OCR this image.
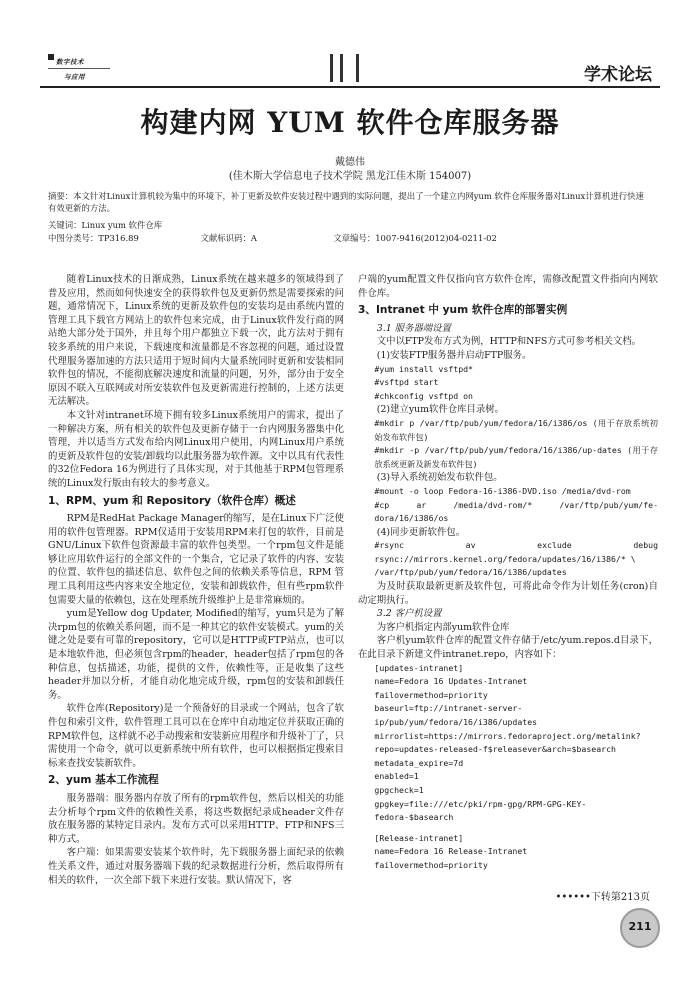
数字技术
与应用	学术论坛
构建内网 YUM 软件仓库服务器
戴德伟
(佳木斯大学信息电子技术学院 黑龙江佳木斯 154007)
摘要：本文针对Linux计算机较为集中的环境下，补丁更新及软件安装过程中遇到的实际问题，提出了一个建立内网yum 软件仓库服务器对Linux计算机进行快速有效更新的方法。
关键词：Linux yum 软件仓库
中图分类号：TP316.89	文献标识码：A	文章编号：1007-9416(2012)04-0211-02

随着Linux技术的日渐成熟，Linux系统在越来越多的领域得到了普及应用，然而如何快速安全的获得软件包及更新仍然是需要探索的问题，通常情况下，Linux系统的更新及软件包的安装均是由系统内置的管理工具下载官方网站上的软件包来完成，由于Linux软件发行商的网站绝大部分处于国外，并且每个用户都独立下载一次，此方法对于拥有较多系统的用户来说，下载速度和流量都是不容忽视的问题，通过设置代理服务器加速的方法只适用于短时间内大量系统同时更新和安装相同软件包的情况，不能彻底解决速度和流量的问题，另外，部分由于安全原因不联入互联网或对所安装软件包及更新需进行控制的，上述方法更无法解决。

本文针对intranet环境下拥有较多Linux系统用户的需求，提出了一种解决方案，所有相关的软件包及更新存储于一台内网服务器集中化管理，并以适当方式发布给内网Linux用户使用，内网Linux用户系统的更新及软件包的安装/卸载均以此服务器为软件源。文中以具有代表性的32位Fedora 16为例进行了具体实现，对于其他基于RPM包管理系统的Linux发行版由有较大的参考意义。

1、RPM、yum 和 Repository（软件仓库）概述

RPM是RedHat Package Manager的缩写，是在Linux下广泛使用的软件包管理器。RPM仅适用于安装用RPM来打包的软件，目前是GNU/Linux下软件包资源最丰富的软件包类型。一个rpm包文件是能够让应用软件运行的全部文件的一个集合，它记录了软件的内容、安装的位置、软件包的描述信息、软件包之间的依赖关系等信息，RPM 管理工具利用这些内容来安全地定位，安装和卸载软件，但有些rpm软件包需要大量的依赖包，这在处理系统升级维护上是非常麻烦的。

yum是Yellow dog Updater, Modified的缩写，yum只是为了解决rpm包的依赖关系问题，而不是一种其它的软件安装模式。yum的关键之处是要有可靠的repository，它可以是HTTP或FTP站点，也可以是本地软件池，但必须包含rpm的header，header包括了rpm包的各种信息，包括描述，功能，提供的文件，依赖性等，正是收集了这些 header并加以分析，才能自动化地完成升级，rpm包的安装和卸载任务。

软件仓库(Repository)是一个预备好的目录或一个网站，包含了软件包和索引文件，软件管理工具可以在仓库中自动地定位并获取正确的RPM软件包，这样就不必手动搜索和安装新应用程序和升级补丁了，只需使用一个命令，就可以更新系统中所有软件，也可以根据指定搜索目标来查找安装新软件。

2、yum 基本工作流程

服务器端：服务器内存放了所有的rpm软件包，然后以相关的功能去分析每个rpm文件的依赖性关系，将这些数据纪录成header文件存放在服务器的某特定目录内。发布方式可以采用HTTP、FTP和NFS三种方式。

客户端：如果需要安装某个软件时，先下载服务器上面纪录的依赖性关系文件，通过对服务器端下载的纪录数据进行分析，然后取得所有相关的软件，一次全部下载下来进行安装。默认情况下，客

户端的yum配置文件仅指向官方软件仓库，需修改配置文件指向内网软件仓库。

3、Intranet 中 yum 软件仓库的部署实例
3.1 服务器端设置

文中以FTP发布方式为例，HTTP和NFS方式可参考相关文档。

(1)安装FTP服务器并启动FTP服务。

#yum install vsftpd*

#vsftpd start

#chkconfig vsftpd on

(2)建立yum软件仓库目录树。

#mkdir p /var/ftp/pub/yum/fedora/16/i386/os (用于存放系统初始发布软件包)

#mkdir -p /var/ftp/pub/yum/fedora/16/i386/up-dates (用于存放系统更新及新发布软件包)

(3)导入系统初始发布软件包。

#mount -o loop Fedora-16-i386-DVD.iso /media/dvd-rom

#cp ar /media/dvd-rom/* /var/ftp/pub/yum/fe-dora/16/i386/os

(4)同步更新软件包。

#rsync av exclude debug rsync://mirrors.kernel.org/fedora/updates/16/i386/* \

/var/ftp/pub/yum/fedora/16/i386/updates

为及时获取最新更新及软件包，可将此命令作为计划任务(cron)自动定期执行。

3.2 客户机设置

为客户机指定内部yum软件仓库

客户机yum软件仓库的配置文件存储于/etc/yum.repos.d目录下，在此目录下新建文件intranet.repo，内容如下：

[updates-intranet]

name=Fedora 16 Updates-Intranet

failovermethod=priority

baseurl=ftp://intranet-server-ip/pub/yum/fedora/16/i386/updates

mirrorlist=https://mirrors.fedoraproject.org/metalink?repo=updates-released-f$releasever&arch=$basearch

metadata_expire=7d

enabled=1

gpgcheck=1

gpgkey=file:///etc/pki/rpm-gpg/RPM-GPG-KEY-fedora-$basearch

[Release-intranet]

name=Fedora 16 Release-Intranet

failovermethod=priority

••••••下转第213页
211
